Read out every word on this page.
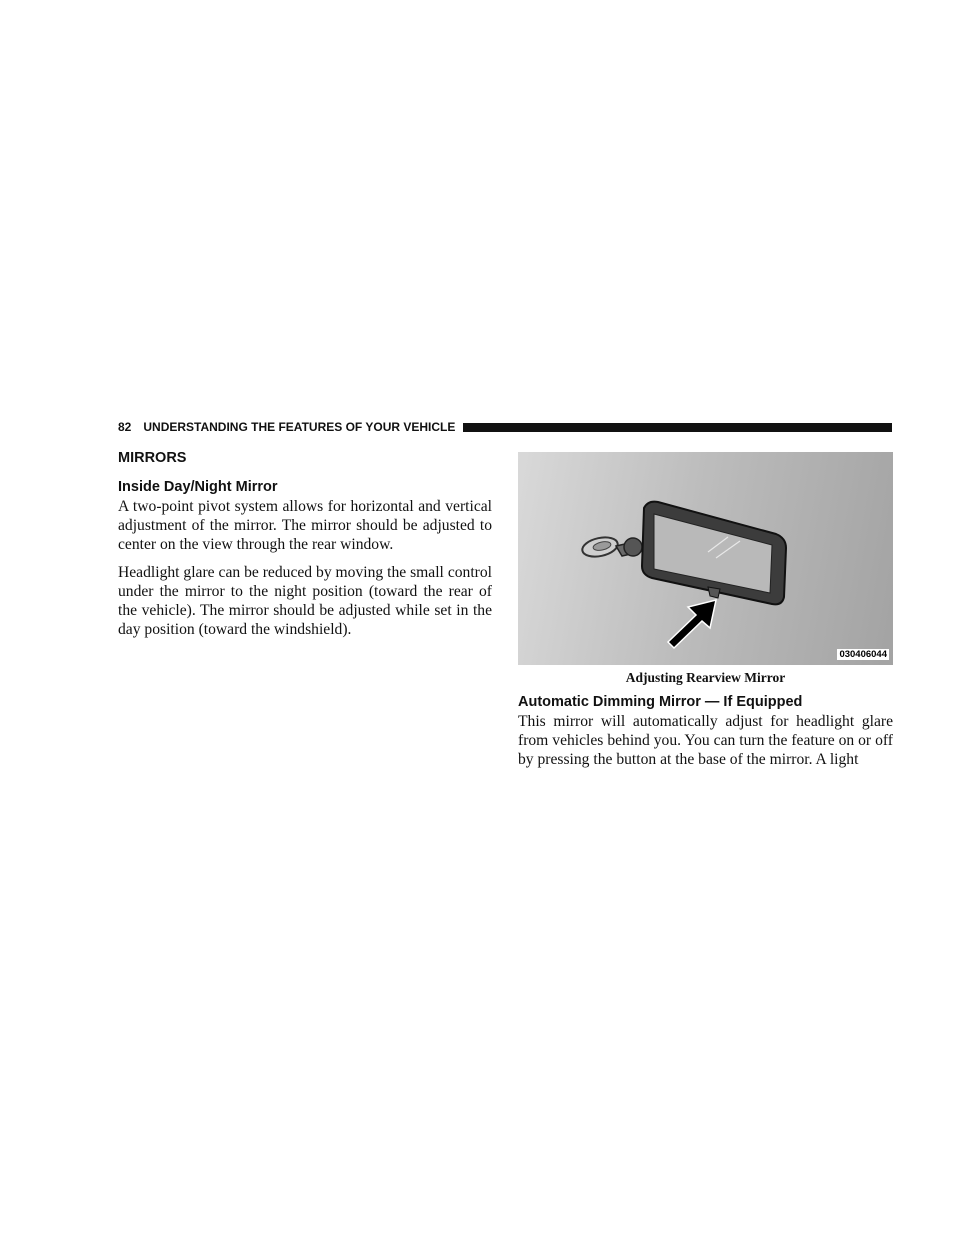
82 UNDERSTANDING THE FEATURES OF YOUR VEHICLE
MIRRORS
Inside Day/Night Mirror

A two-point pivot system allows for horizontal and vertical adjustment of the mirror. The mirror should be adjusted to center on the view through the rear window.

Headlight glare can be reduced by moving the small control under the mirror to the night position (toward the rear of the vehicle). The mirror should be adjusted while set in the day position (toward the windshield).

030406044
Adjusting Rearview Mirror
Automatic Dimming Mirror — If Equipped

This mirror will automatically adjust for headlight glare from vehicles behind you. You can turn the feature on or off by pressing the button at the base of the mirror. A light
